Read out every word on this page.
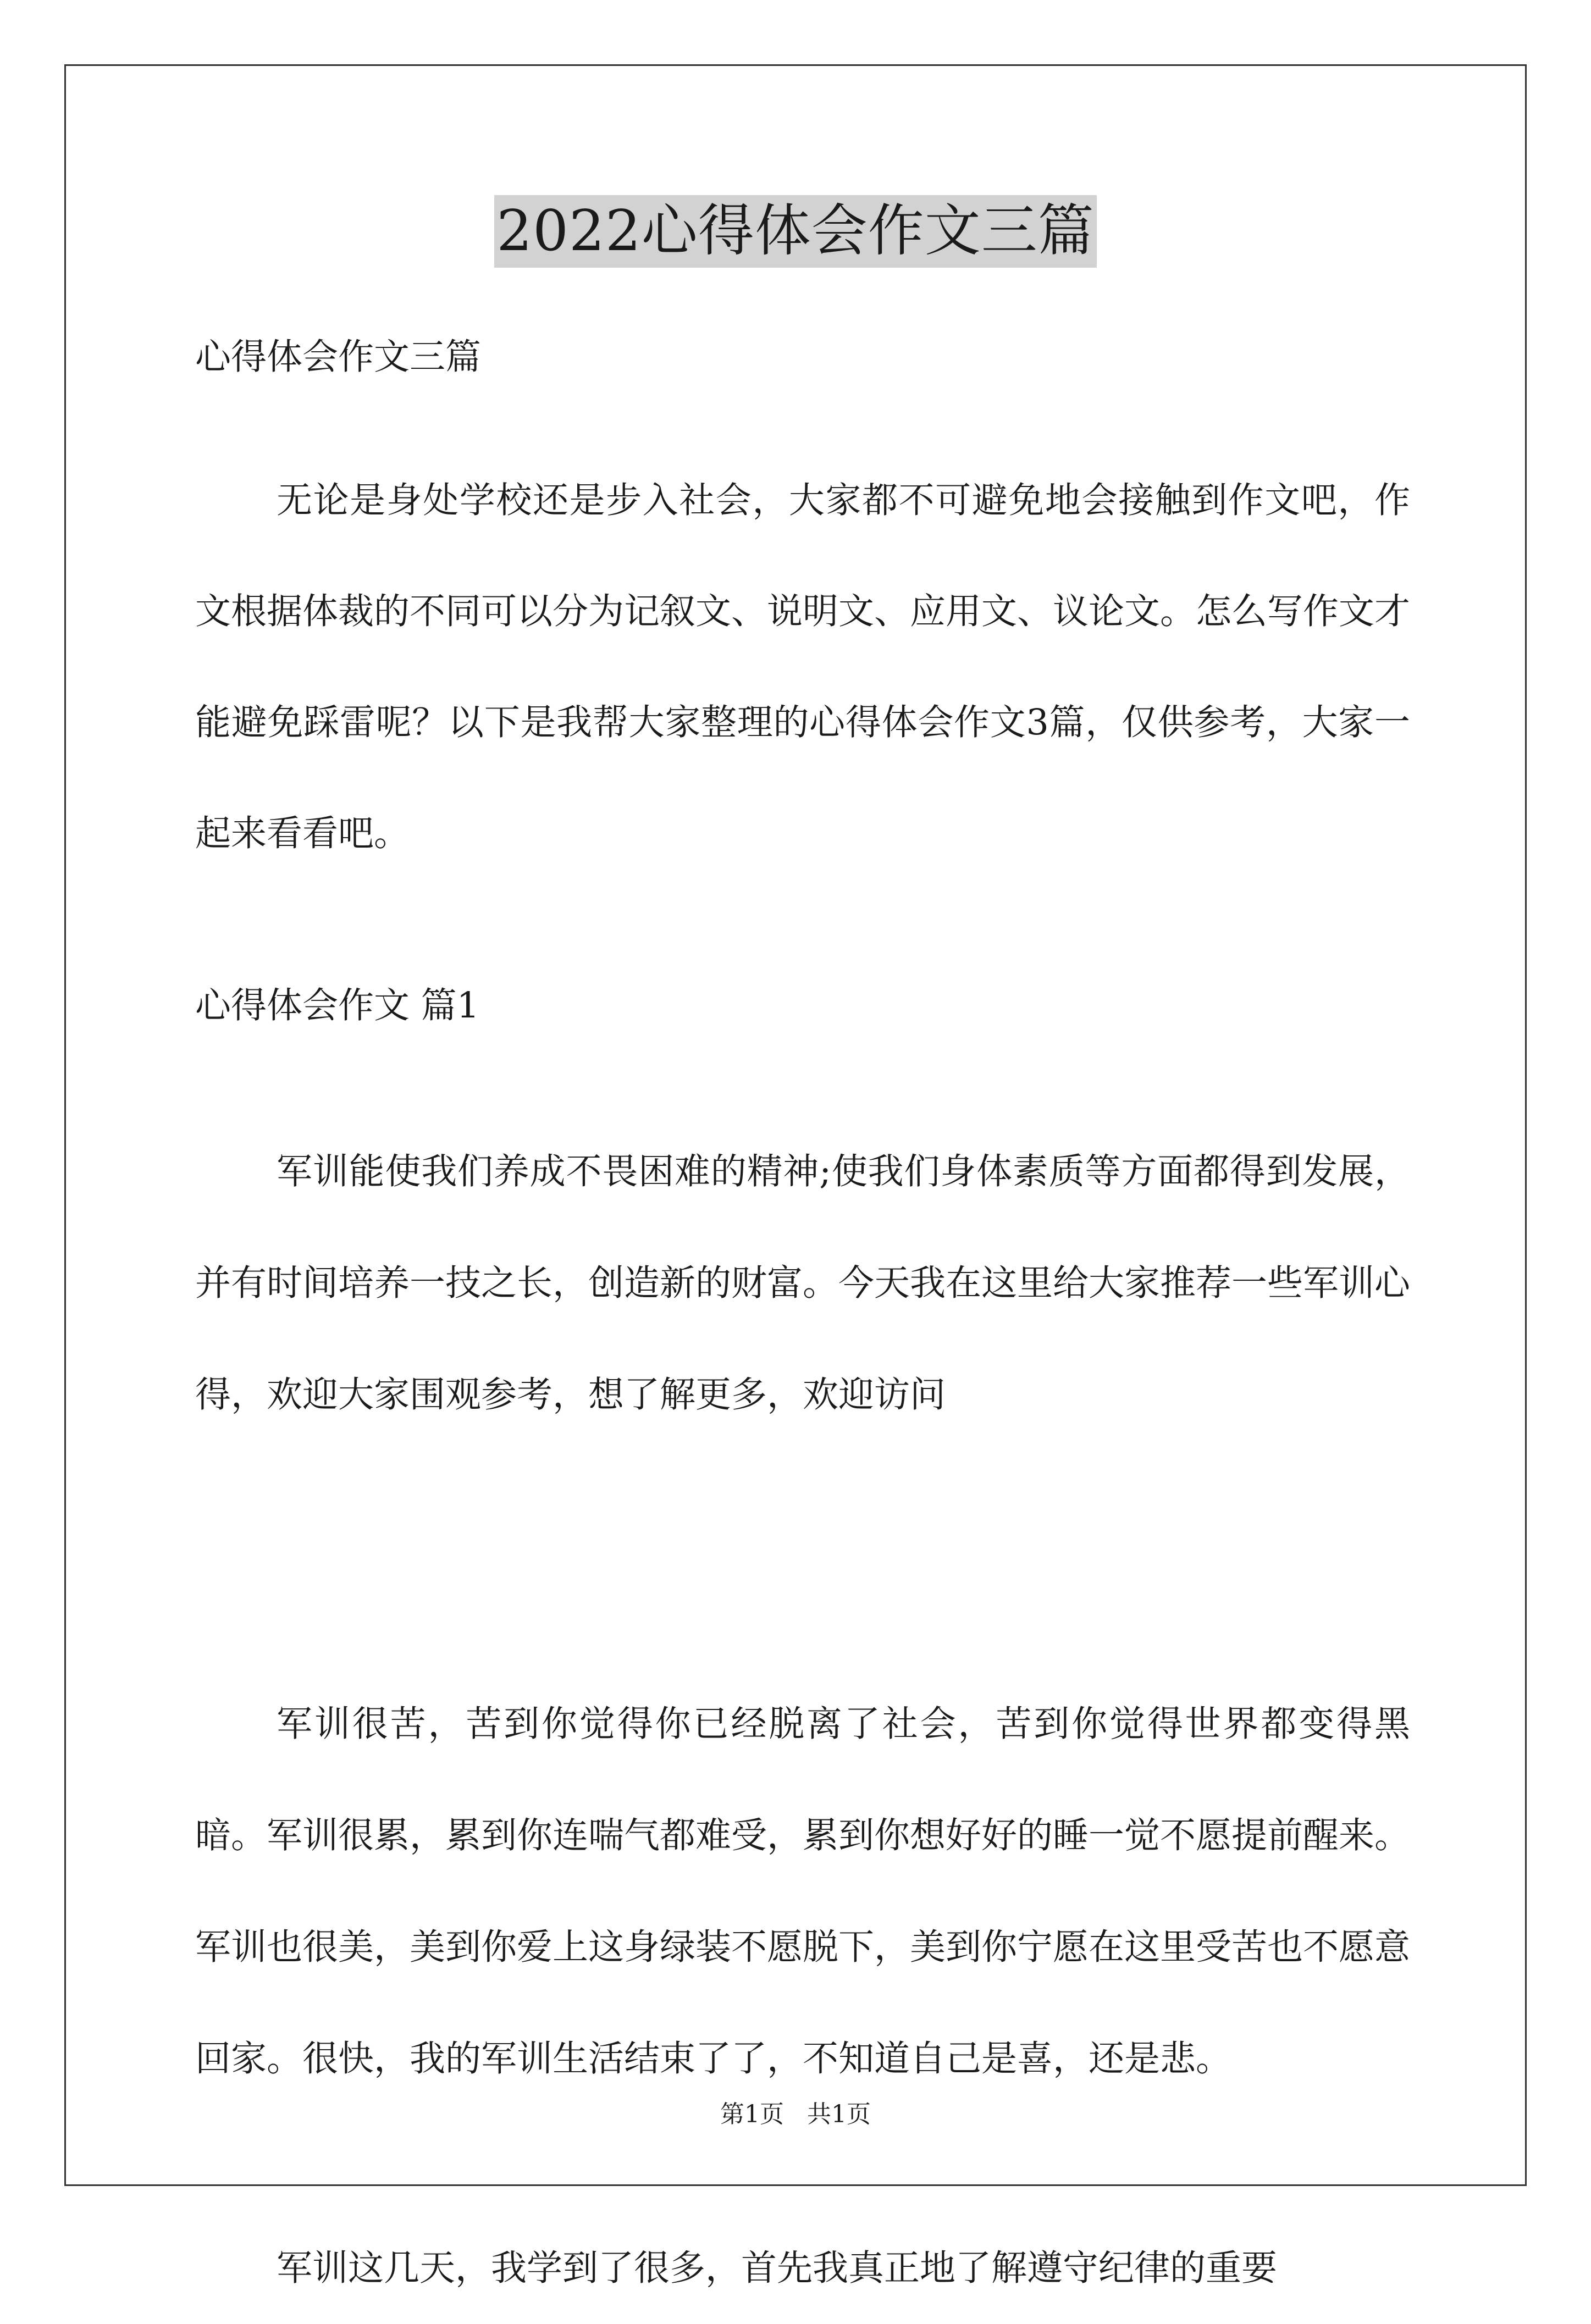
2022心得体会作文三篇
心得体会作文三篇

无论是身处学校还是步入社会，大家都不可避免地会接触到作文吧，作文根据体裁的不同可以分为记叙文、说明文、应用文、议论文。怎么写作文才能避免踩雷呢？以下是我帮大家整理的心得体会作文3篇，仅供参考，大家一起来看看吧。

心得体会作文 篇1

军训能使我们养成不畏困难的精神;使我们身体素质等方面都得到发展，并有时间培养一技之长，创造新的财富。今天我在这里给大家推荐一些军训心得，欢迎大家围观参考，想了解更多，欢迎访问

军训很苦，苦到你觉得你已经脱离了社会，苦到你觉得世界都变得黑暗。军训很累，累到你连喘气都难受，累到你想好好的睡一觉不愿提前醒来。军训也很美，美到你爱上这身绿装不愿脱下，美到你宁愿在这里受苦也不愿意回家。很快，我的军训生活结束了了，不知道自己是喜，还是悲。

军训这几天，我学到了很多，首先我真正地了解遵守纪律的重要

第1页 共1页
